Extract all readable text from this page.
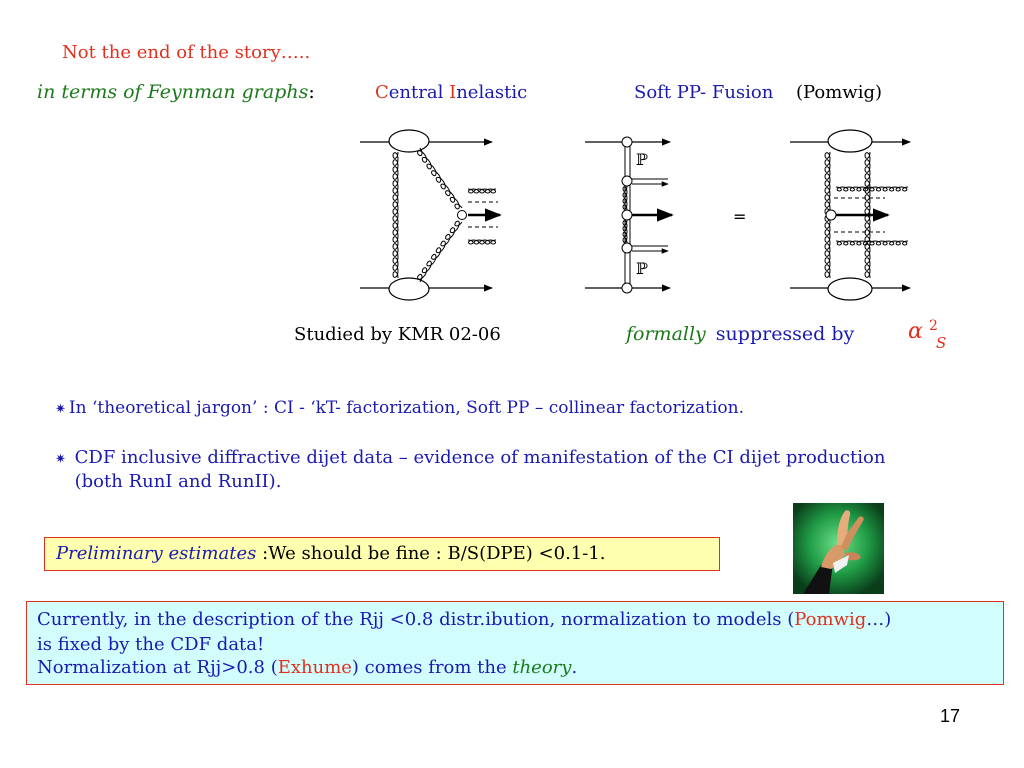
Not the end of the story…..
in terms of Feynman graphs:	Central Inelastic	Soft PP- Fusion (Pomwig)
ℙ
ℙ
=
Studied by KMR 02-06	formally suppressed by α 2
S
✷ In ‘theoretical jargon’ : CI - ‘kT- factorization, Soft PP – collinear factorization.
✷ CDF inclusive diffractive dijet data – evidence of manifestation of the CI dijet production (both RunI and RunII).
Preliminary estimates :We should be fine : B/S(DPE) <0.1-1.
Currently, in the description of the Rjj <0.8 distr.ibution, normalization to models (Pomwig…)
is fixed by the CDF data!
Normalization at Rjj>0.8 (Exhume) comes from the theory.
17
